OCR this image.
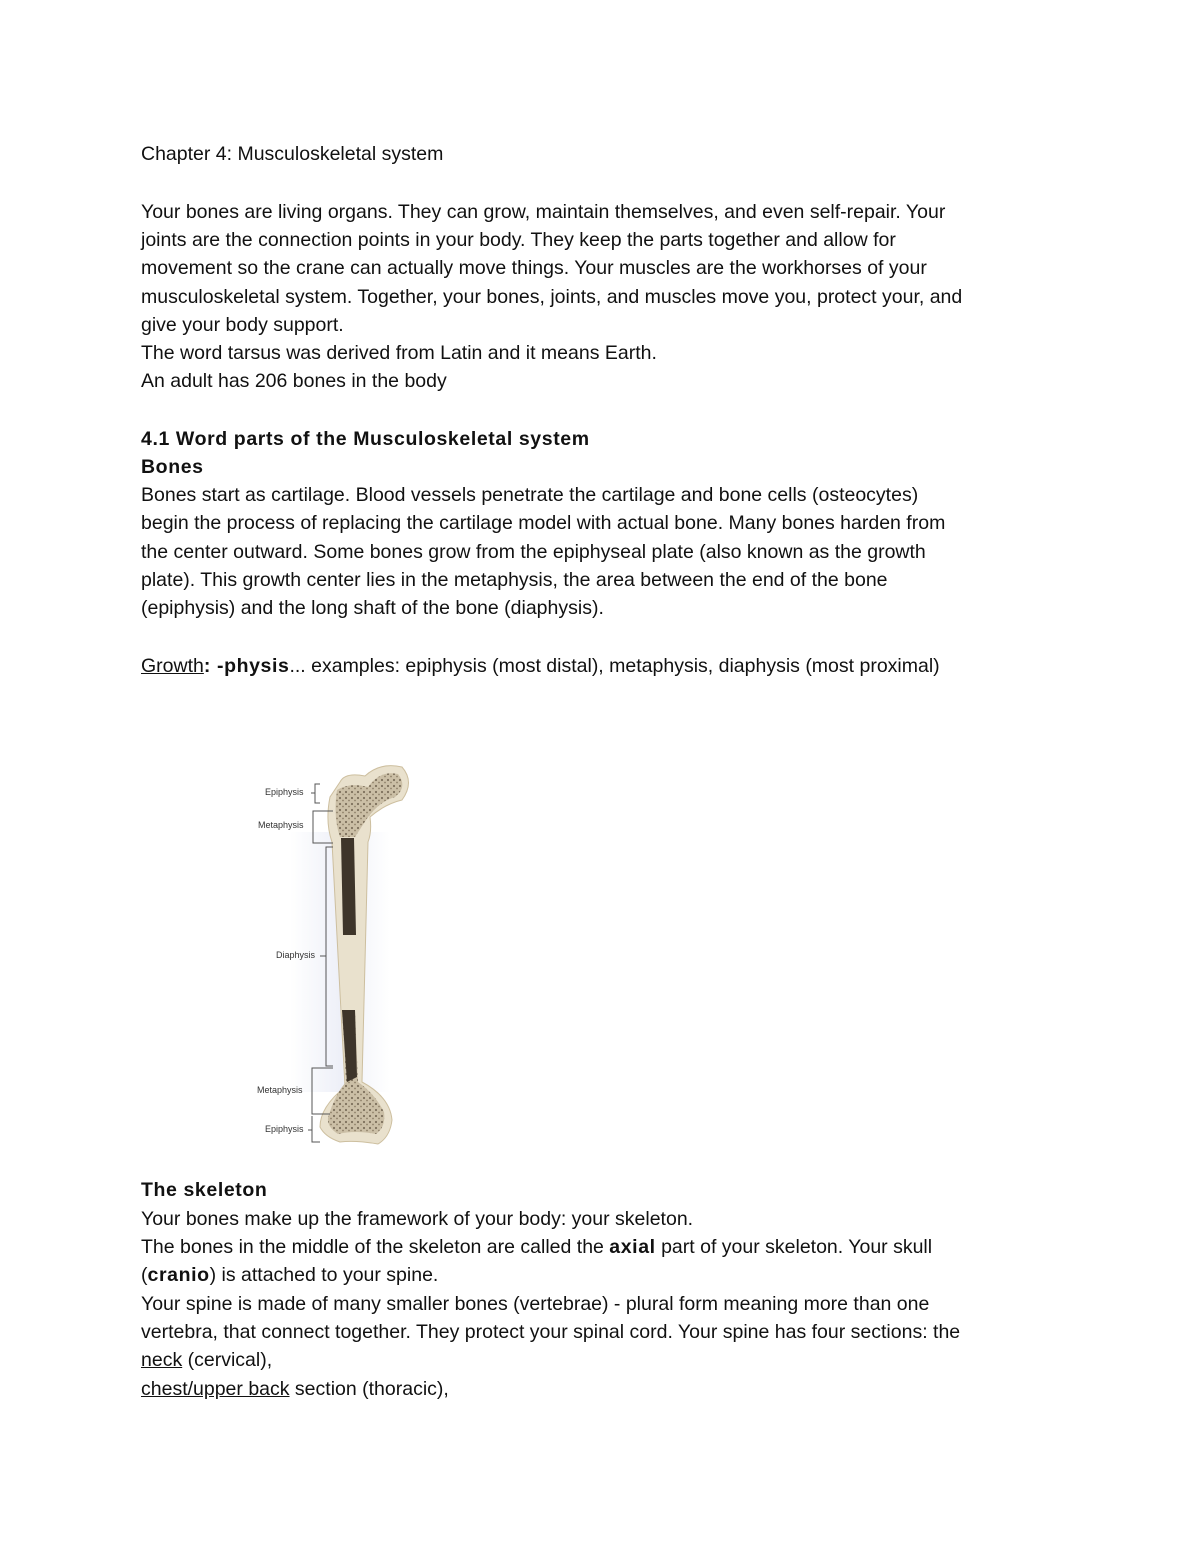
Chapter 4: Musculoskeletal system
Your bones are living organs. They can grow, maintain themselves, and even self-repair. Your
joints are the connection points in your body. They keep the parts together and allow for
movement so the crane can actually move things. Your muscles are the workhorses of your
musculoskeletal system. Together, your bones, joints, and muscles move you, protect your, and
give your body support.
The word tarsus was derived from Latin and it means Earth.
An adult has 206 bones in the body
4.1 Word parts of the Musculoskeletal system
Bones
Bones start as cartilage. Blood vessels penetrate the cartilage and bone cells (osteocytes)
begin the process of replacing the cartilage model with actual bone. Many bones harden from
the center outward. Some bones grow from the epiphyseal plate (also known as the growth
plate). This growth center lies in the metaphysis, the area between the end of the bone
(epiphysis) and the long shaft of the bone (diaphysis).
Growth: -physis... examples: epiphysis (most distal), metaphysis, diaphysis (most proximal)
Epiphysis
Metaphysis
Diaphysis
Metaphysis
Epiphysis
The skeleton
Your bones make up the framework of your body: your skeleton.
The bones in the middle of the skeleton are called the axial part of your skeleton. Your skull
(cranio) is attached to your spine.
Your spine is made of many smaller bones (vertebrae) - plural form meaning more than one
vertebra, that connect together. They protect your spinal cord. Your spine has four sections: the
neck (cervical),
chest/upper back section (thoracic),
